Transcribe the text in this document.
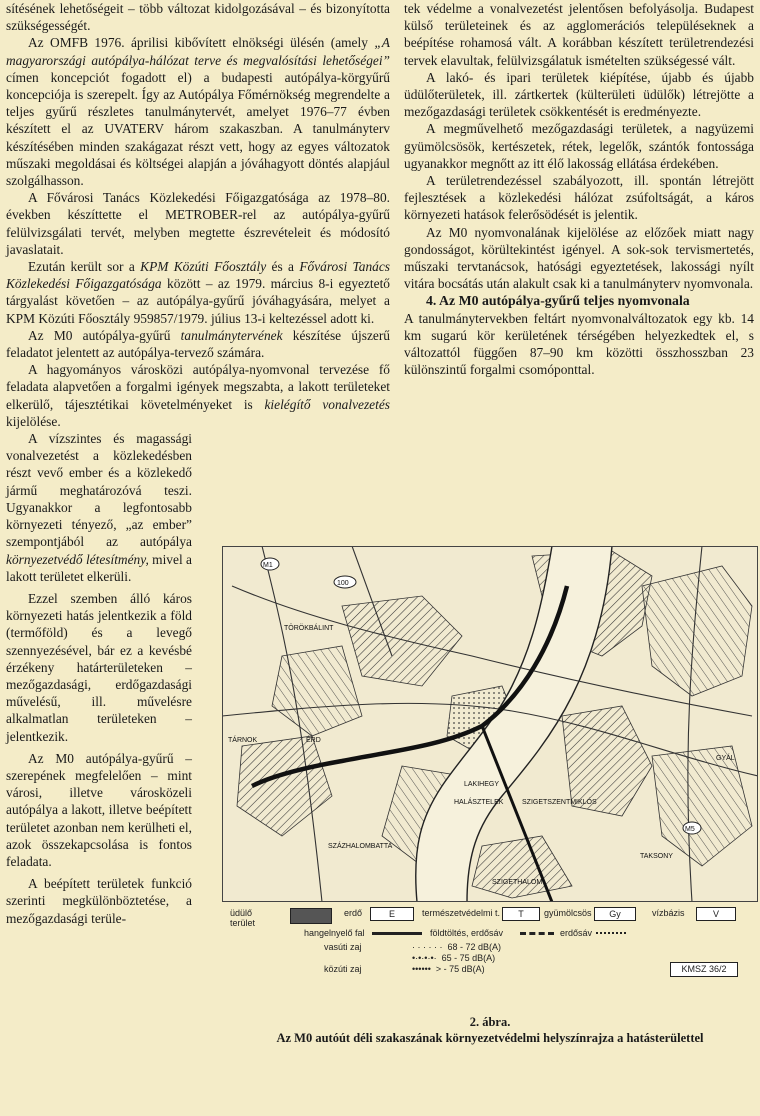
sítésének lehetőségeit – több változat kidolgozásával – és bizonyította szükségességét.

Az OMFB 1976. áprilisi kibővített elnökségi ülésén (amely „A magyarországi autópálya-hálózat terve és megvalósítási lehetőségei” címen koncepciót fogadott el) a budapesti autópálya-körgyűrű koncepciója is szerepelt. Így az Autópálya Főmérnökség megrendelte a teljes gyűrű részletes tanulmánytervét, amelyet 1976–77 évben készített el az UVATERV három szakaszban. A tanulmányterv készítésében minden szakágazat részt vett, hogy az egyes változatok műszaki megoldásai és költségei alapján a jóváhagyott döntés alapjául szolgálhasson.

A Fővárosi Tanács Közlekedési Főigazgatósága az 1978–80. években készíttette el METROBER-rel az autópálya-gyűrű felülvizsgálati tervét, melyben megtette észrevételeit és módosító javaslatait.

Ezután került sor a KPM Közúti Főosztály és a Fővárosi Tanács Közlekedési Főigazgatósága között – az 1979. március 8-i egyeztető tárgyalást követően – az autópálya-gyűrű jóváhagyására, melyet a KPM Közúti Főosztály 959857/1979. július 13-i keltezéssel adott ki.

Az M0 autópálya-gyűrű tanulmánytervének készítése újszerű feladatot jelentett az autópálya-tervező számára.

A hagyományos városközi autópálya-nyomvonal tervezése fő feladata alapvetően a forgalmi igények megszabta, a lakott területeket elkerülő, tájesztétikai követelményeket is kielégítő vonalvezetés kijelölése.

A vízszintes és magassági vonalvezetést a közlekedésben részt vevő ember és a közlekedő jármű meghatározóvá teszi. Ugyanakkor a legfontosabb környezeti tényező, „az ember” szempontjából az autópálya környezetvédő létesítmény, mivel a lakott területet elkerüli.

Ezzel szemben álló káros környezeti hatás jelentkezik a föld (termőföld) és a levegő szennyezésével, bár ez a kevésbé érzékeny határterületeken – mezőgazdasági, erdőgazdasági művelésű, ill. művelésre alkalmatlan területeken – jelentkezik.

Az M0 autópálya-gyűrű – szerepének megfelelően – mint városi, illetve városközeli autópálya a lakott, illetve beépített területet azonban nem kerülheti el, azok összekapcsolása is fontos feladata.

A beépített területek funkció szerinti megkülönböztetése, a mezőgazdasági terüle-

tek védelme a vonalvezetést jelentősen befolyásolja. Budapest külső területeinek és az agglomerációs településeknek a beépítése rohamosá vált. A korábban készített területrendezési tervek elavultak, felülvizsgálatuk ismételten szükségessé vált.

A lakó- és ipari területek kiépítése, újabb és újabb üdülőterületek, ill. zártkertek (külterületi üdülők) létrejötte a mezőgazdasági területek csökkentését is eredményezte.

A megművelhető mezőgazdasági területek, a nagyüzemi gyümölcsösök, kertészetek, rétek, legelők, szántók fontossága ugyanakkor megnőtt az itt élő lakosság ellátása érdekében.

A területrendezéssel szabályozott, ill. spontán létrejött fejlesztések a közlekedési hálózat zsúfoltságát, a káros környezeti hatások felerősödését is jelentik.

Az M0 nyomvonalának kijelölése az előzőek miatt nagy gondosságot, körültekintést igényel. A sok-sok tervismertetés, műszaki tervtanácsok, hatósági egyeztetések, lakossági nyílt vitára bocsátás után alakult csak ki a tanulmányterv nyomvonala.

4. Az M0 autópálya-gyűrű teljes nyomvonala

A tanulmánytervekben feltárt nyomvonalváltozatok egy kb. 14 km sugarú kör kerületének térségében helyezkedtek el, s változattól függően 87–90 km közötti összhosszban 23 különszintű forgalmi csomóponttal.

M1
100
TÖRÖKBÁLINT
TÁRNOK	ÉRD
LAKIHEGY
HALÁSZTELEK	SZIGETSZENTMIKLÓS
SZÁZHALOMBATTA
SZIGETHALOM
TAKSONY
GYÁL
M5
üdülő terület
erdő	E	természetvédelmi t.	T	gyümölcsös	Gy	vízbázis	V
hangelnyelő fal	földtöltés, erdősáv	erdősáv
vasúti zaj	· · · · · ·  68 - 72 dB(A)
•·•·•·•·  65 - 75 dB(A)
közúti zaj	••••••  > - 75 dB(A)	KMSZ 36/2
2. ábra.
Az M0 autóút déli szakaszának környezetvédelmi helyszínrajza a hatásterülettel
